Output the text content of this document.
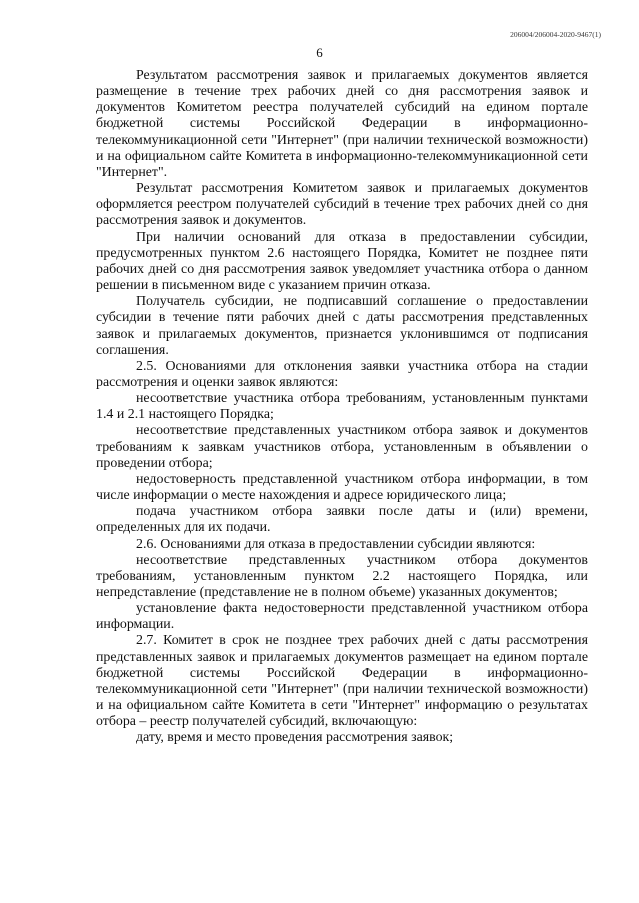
206004/206004-2020-9467(1)
6

Результатом рассмотрения заявок и прилагаемых документов является размещение в течение трех рабочих дней со дня рассмотрения заявок и документов Комитетом реестра получателей субсидий на едином портале бюджетной системы Российской Федерации в информационно-телекоммуникационной сети "Интернет" (при наличии технической возможности) и на официальном сайте Комитета в информационно-телекоммуникационной сети "Интернет".

Результат рассмотрения Комитетом заявок и прилагаемых документов оформляется реестром получателей субсидий в течение трех рабочих дней со дня рассмотрения заявок и документов.

При наличии оснований для отказа в предоставлении субсидии, предусмотренных пунктом 2.6 настоящего Порядка, Комитет не позднее пяти рабочих дней со дня рассмотрения заявок уведомляет участника отбора о данном решении в письменном виде с указанием причин отказа.

Получатель субсидии, не подписавший соглашение о предоставлении субсидии в течение пяти рабочих дней с даты рассмотрения представленных заявок и прилагаемых документов, признается уклонившимся от подписания соглашения.

2.5. Основаниями для отклонения заявки участника отбора на стадии рассмотрения и оценки заявок являются:

несоответствие участника отбора требованиям, установленным пунктами 1.4 и 2.1 настоящего Порядка;

несоответствие представленных участником отбора заявок и документов требованиям к заявкам участников отбора, установленным в объявлении о проведении отбора;

недостоверность представленной участником отбора информации, в том числе информации о месте нахождения и адресе юридического лица;

подача участником отбора заявки после даты и (или) времени, определенных для их подачи.

2.6. Основаниями для отказа в предоставлении субсидии являются:

несоответствие представленных участником отбора документов требованиям, установленным пунктом 2.2 настоящего Порядка, или непредставление (представление не в полном объеме) указанных документов;

установление факта недостоверности представленной участником отбора информации.

2.7. Комитет в срок не позднее трех рабочих дней с даты рассмотрения представленных заявок и прилагаемых документов размещает на едином портале бюджетной системы Российской Федерации в информационно-телекоммуникационной сети "Интернет" (при наличии технической возможности) и на официальном сайте Комитета в сети "Интернет" информацию о результатах отбора – реестр получателей субсидий, включающую:

дату, время и место проведения рассмотрения заявок;
